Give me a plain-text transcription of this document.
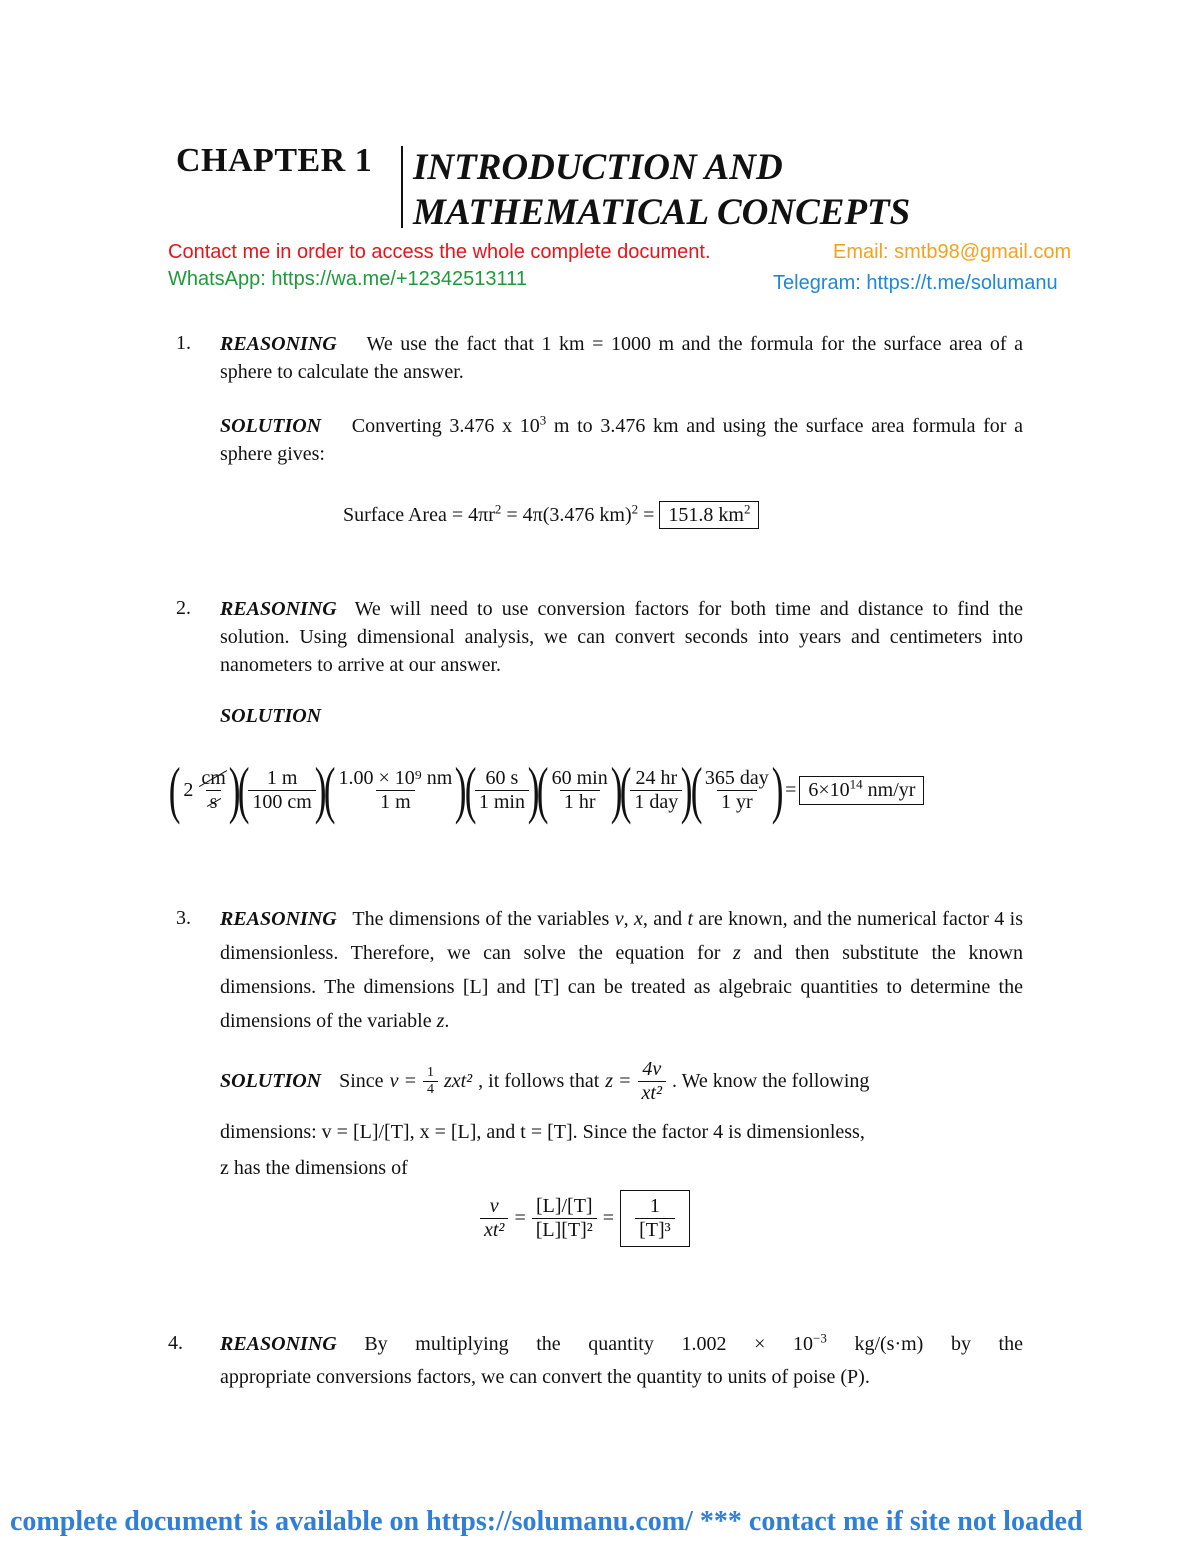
CHAPTER 1 INTRODUCTION AND
MATHEMATICAL CONCEPTS
Contact me in order to access the whole complete document.	Email: smtb98@gmail.com
WhatsApp: https://wa.me/+12342513111	Telegram: https://t.me/solumanu
1. REASONING We use the fact that 1 km = 1000 m and the formula for the surface area of a sphere to calculate the answer.
SOLUTION Converting 3.476 x $10^3$ m to 3.476 km and using the surface area formula for a sphere gives:
Surface Area = $4\pi r^2 = 4\pi(3.476$ km)$^2$ = 151.8 $km^2$
2. REASONING We will need to use conversion factors for both time and distance to find the solution. Using dimensional analysis, we can convert seconds into years and centimeters into nanometers to arrive at our answer.
SOLUTION
( $2 \frac{cm}{s}$
)
(
$\frac{1 m}{100 cm}$
)
(
$\frac{\text{1.00 × 10⁹ nm}}{1 m}$
)
(
$\frac{60 s}{1 \min}$
)
(
$\frac{60 \min}{1 hr}$
)
(
$\frac{24 hr}{\text{1 day}}$
)
(
$\frac{\text{365 day}}{1 yr}$
) = $6\times 10^{14}$ nm/yr
3. REASONING The dimensions of the variables v, x, and t are known, and the numerical factor 4 is dimensionless. Therefore, we can solve the equation for z and then substitute the known dimensions. The dimensions [L] and [T] can be treated as algebraic quantities to determine the dimensions of the variable z.
SOLUTION Since $v = \frac{1}{4} zxt^2$ , it follows that $z = \frac{4v}{\text{xt²}}$ . We know the following
dimensions: v = [L]/[T], x = [L], and t = [T]. Since the factor 4 is dimensionless,
z has the dimensions of
$\frac{v}{\text{xt²}} = \frac{[L]/[T]}{\text{[L][T]²}} = \frac{1}{\text{[T]³}}$
4. REASONING By multiplying the quantity $1.002 \times 10^{-3}$ kg/(s·m) by the
appropriate conversions factors, we can convert the quantity to units of poise (P).
complete document is available on https://solumanu.com/ *** contact me if site not loaded
